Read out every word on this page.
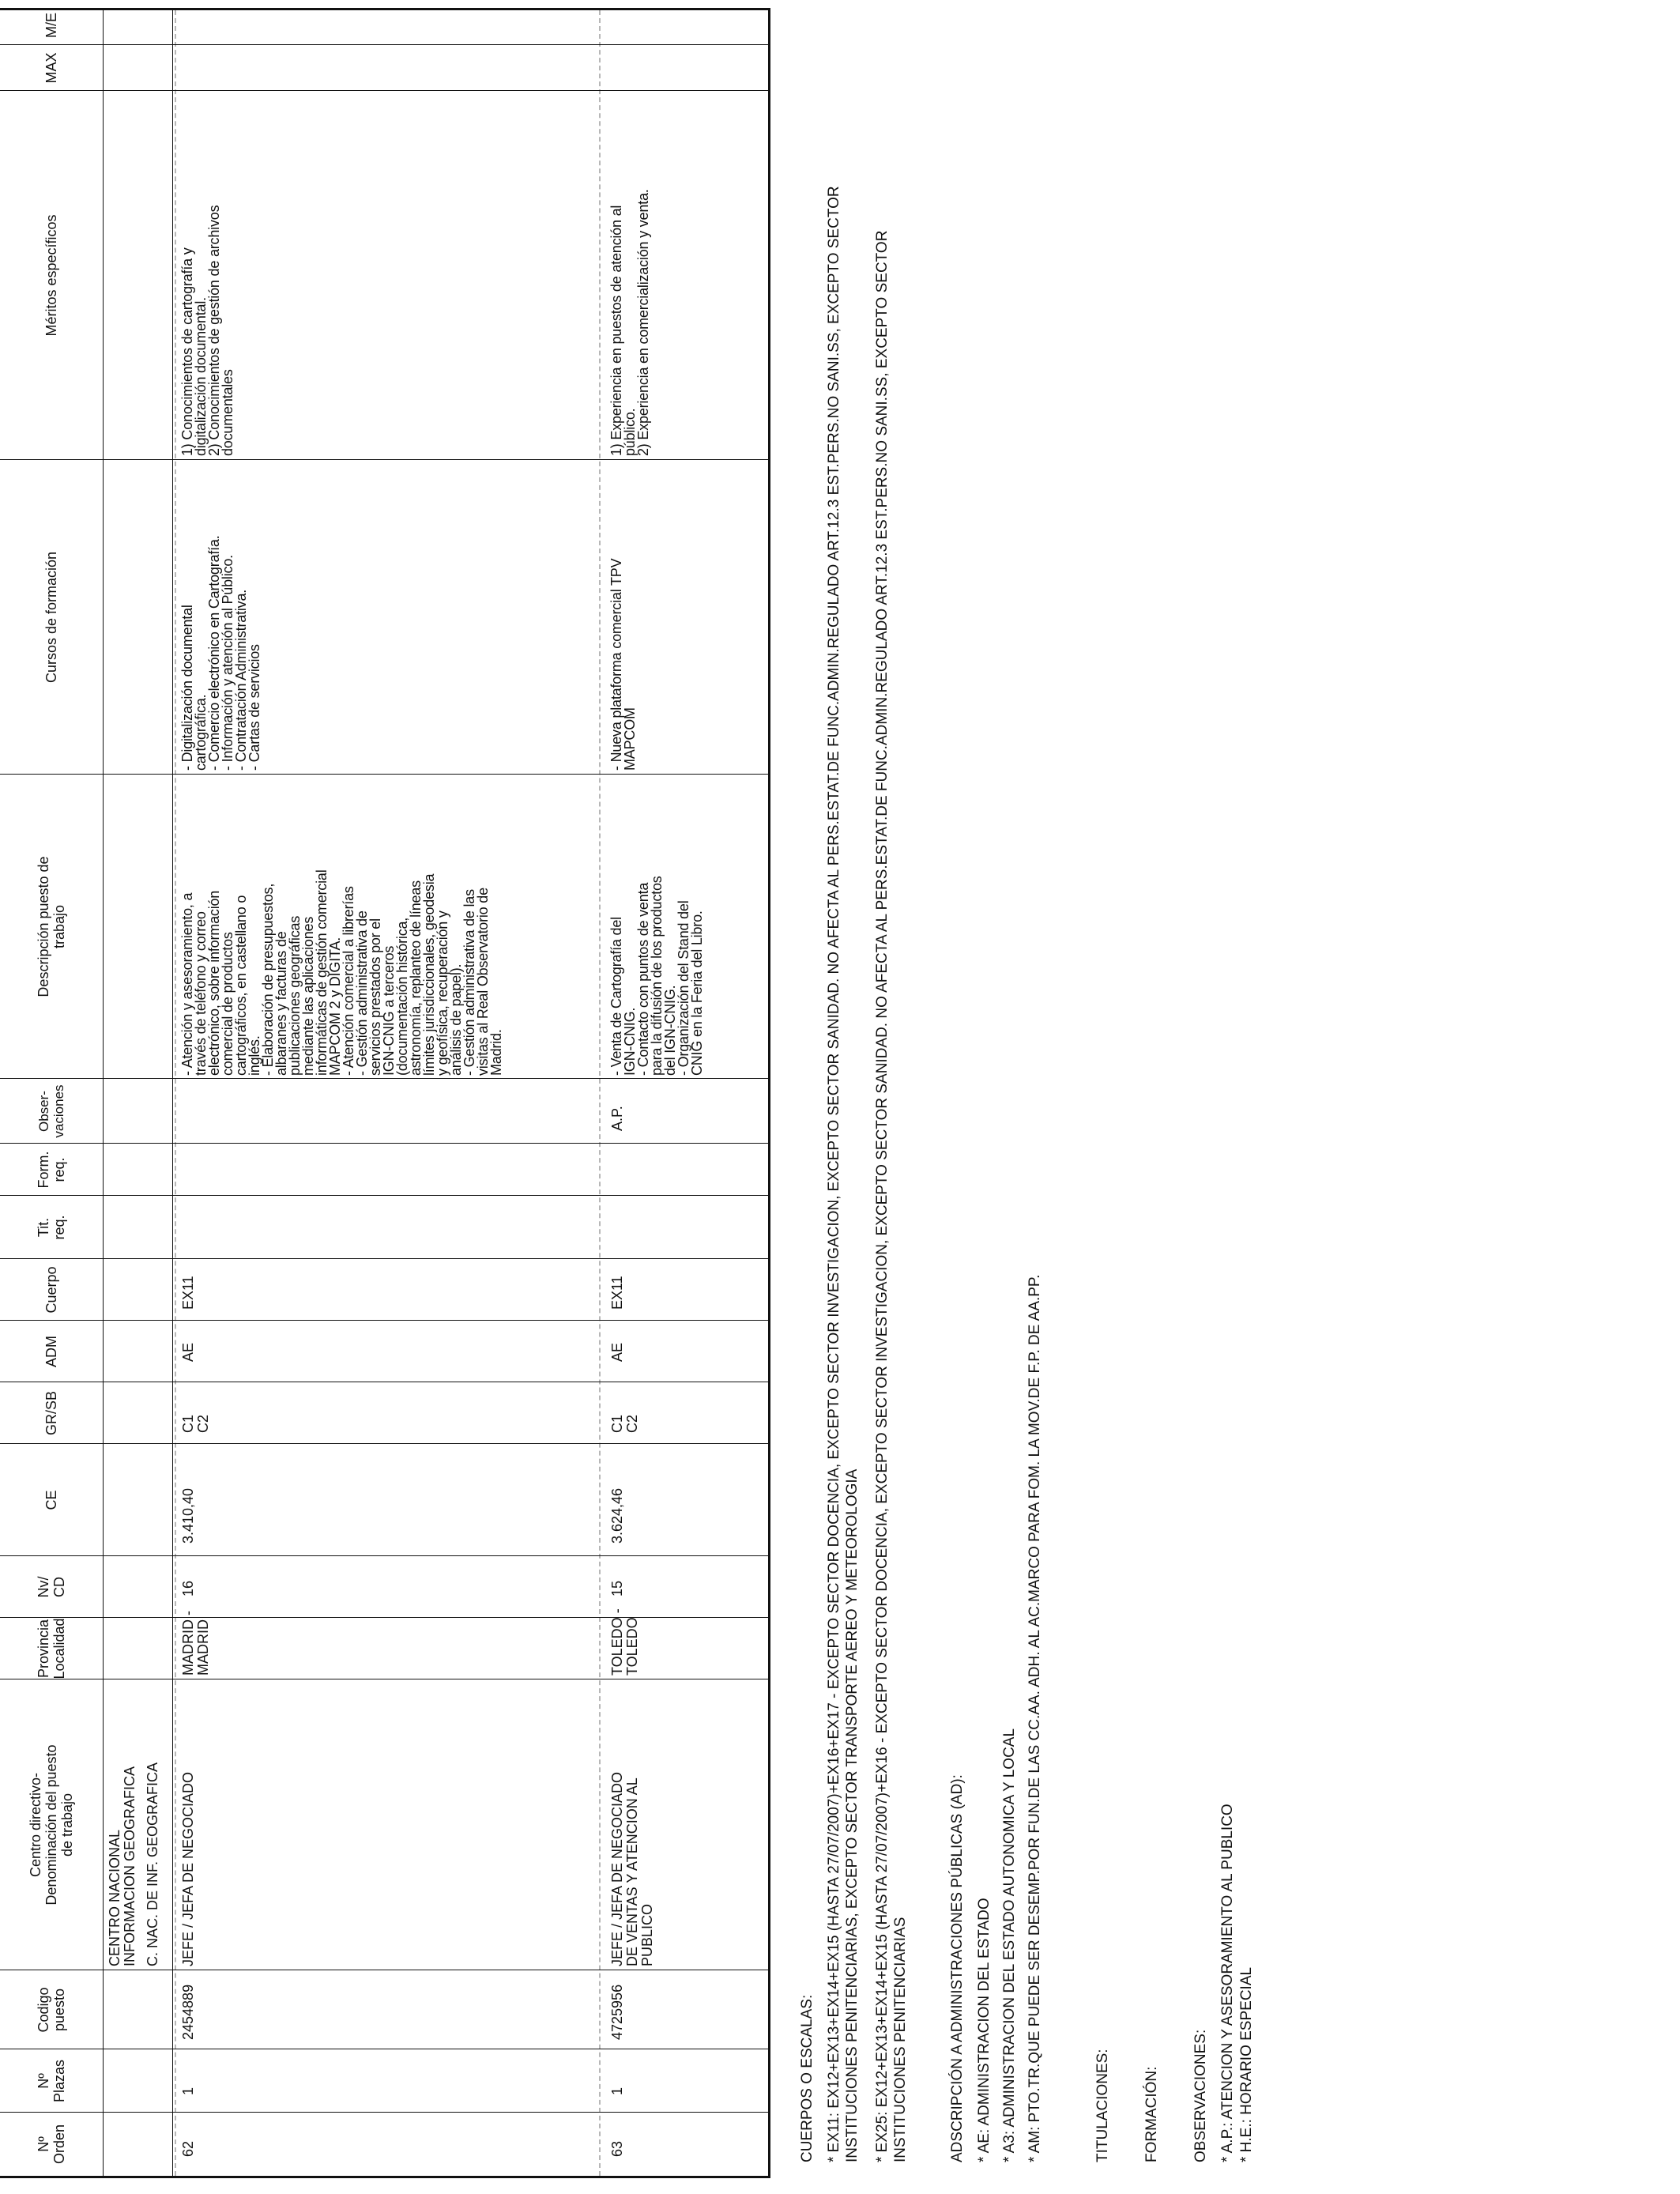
Nº
Orden
Nº
Plazas
Codigo
puesto
Centro directivo-
Denominación del puesto
de trabajo
Provincia
Localidad
Nv/
CD
CE
GR/SB
ADM
Cuerpo
Tit.
req.
Form.
req.
Obser-
vaciones
Descripción puesto de
trabajo
Cursos de formación
Méritos específicos
MAX
M/E
CENTRO NACIONAL
INFORMACION GEOGRAFICA C. NAC. DE INF. GEOGRAFICA
62
1
2454889
JEFE / JEFA DE NEGOCIADO
MADRID -
MADRID
16
3.410,40
C1
C2
AE
EX11
- Atención y asesoramiento, a
través de teléfono y correo
electrónico, sobre información
comercial de productos
cartográficos, en castellano o
inglés.
- Elaboración de presupuestos,
albaranes y facturas de
publicaciones geográficas
mediante las aplicaciones
informáticas de gestión comercial
MAPCOM 2 y DIGITA.
- Atención comercial a librerías
- Gestión administrativa de
servicios prestados por el
IGN-CNIG a terceros
(documentación histórica,
astronomía, replanteo de líneas
límites jurisdiccionales, geodesia
y geofísica, recuperación y
análisis de papel).
- Gestión administrativa de las
visitas al Real Observatorio de
Madrid.
- Digitalización documental
cartográfica.
- Comercio electrónico en Cartografía.
- Información y atención al Público.
- Contratación Administrativa.
- Cartas de servicios
1) Conocimientos de cartografía y
digitalización documental.
2) Conocimientos de gestión de archivos
documentales
63
1
4725956
JEFE / JEFA DE NEGOCIADO
DE VENTAS Y ATENCION AL
PUBLICO
TOLEDO -
TOLEDO
15
3.624,46
C1
C2
AE
EX11
A.P.
- Venta de Cartografía del
IGN-CNIG.
- Contacto con puntos de venta
para la difusión de los productos
del IGN-CNIG.
- Organización del Stand del
CNIG en la Feria del Libro.
- Nueva plataforma comercial TPV
MAPCOM
1) Experiencia en puestos de atención al
público.
2) Experiencia en comercialización y venta.
CUERPOS O ESCALAS: * EX11: EX12+EX13+EX14+EX15 (HASTA 27/07/2007)+EX16+EX17 - EXCEPTO SECTOR DOCENCIA, EXCEPTO SECTOR INVESTIGACION, EXCEPTO SECTOR SANIDAD. NO AFECTA AL PERS.ESTAT.DE FUNC.ADMIN.REGULADO ART.12.3 EST.PERS.NO SANI.SS, EXCEPTO SECTOR
INSTITUCIONES PENITENCIARIAS, EXCEPTO SECTOR TRANSPORTE AEREO Y METEOROLOGIA
* EX25: EX12+EX13+EX14+EX15 (HASTA 27/07/2007)+EX16 - EXCEPTO SECTOR DOCENCIA, EXCEPTO SECTOR INVESTIGACION, EXCEPTO SECTOR SANIDAD. NO AFECTA AL PERS.ESTAT.DE FUNC.ADMIN.REGULADO ART.12.3 EST.PERS.NO SANI.SS, EXCEPTO SECTOR
INSTITUCIONES PENITENCIARIAS	ADSCRIPCIÓN A ADMINISTRACIONES PÚBLICAS (AD): * AE: ADMINISTRACION DEL ESTADO * A3: ADMINISTRACION DEL ESTADO AUTONOMICA Y LOCAL * AM: PTO.TR.QUE PUEDE SER DESEMP.POR FUN.DE LAS CC.AA. ADH. AL AC.MARCO PARA FOM. LA MOV.DE F.P. DE AA.PP.	TITULACIONES: FORMACIÓN: OBSERVACIONES: * A.P.: ATENCION Y ASESORAMIENTO AL PUBLICO * H.E.: HORARIO ESPECIAL
